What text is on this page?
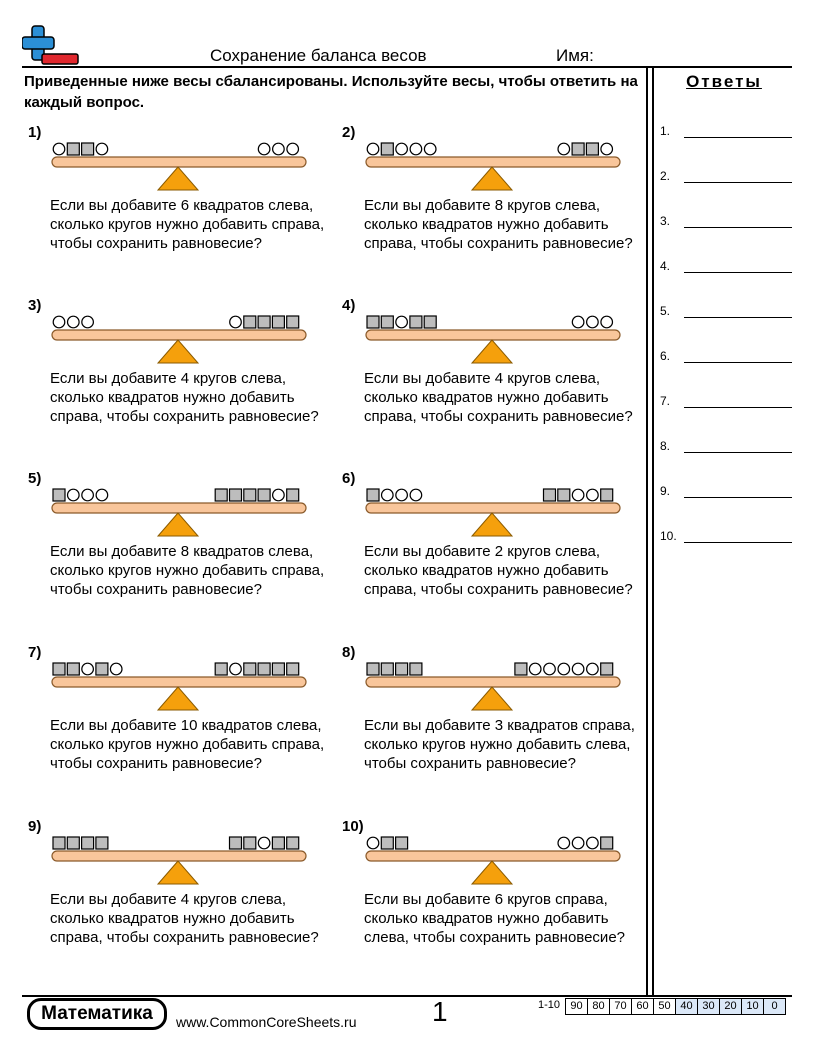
Сохранение баланса весов	Имя:
Приведенные ниже весы сбалансированы. Используйте весы, чтобы ответить на каждый вопрос.
Ответы
1.
2.
3.
4.
5.
6.
7.
8.
9.
10.
1)
Если вы добавите 6 квадратов слева, сколько кругов нужно добавить справа, чтобы сохранить равновесие?
2)
Если вы добавите 8 кругов слева, сколько квадратов нужно добавить справа, чтобы сохранить равновесие?
3)
Если вы добавите 4 кругов слева, сколько квадратов нужно добавить справа, чтобы сохранить равновесие?
4)
Если вы добавите 4 кругов слева, сколько квадратов нужно добавить справа, чтобы сохранить равновесие?
5)
Если вы добавите 8 квадратов слева, сколько кругов нужно добавить справа, чтобы сохранить равновесие?
6)
Если вы добавите 2 кругов слева, сколько квадратов нужно добавить справа, чтобы сохранить равновесие?
7)
Если вы добавите 10 квадратов слева, сколько кругов нужно добавить справа, чтобы сохранить равновесие?
8)
Если вы добавите 3 квадратов справа, сколько кругов нужно добавить слева, чтобы сохранить равновесие?
9)
Если вы добавите 4 кругов слева, сколько квадратов нужно добавить справа, чтобы сохранить равновесие?
10)
Если вы добавите 6 кругов справа, сколько квадратов нужно добавить слева, чтобы сохранить равновесие?
Математика	www.CommonCoreSheets.ru	1	1-10 90 80 70 60 50 40 30 20 10	0
